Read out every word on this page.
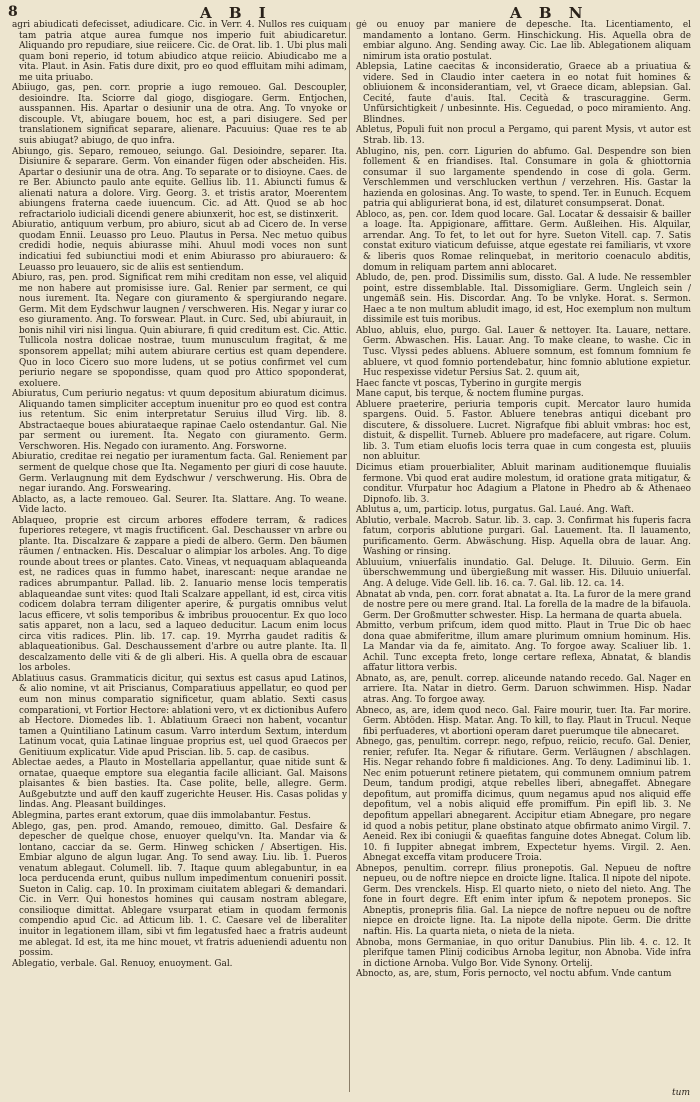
8	A B I	A B N

agri abiudicati defecisset, adiudicare. Cic. in Verr. 4. Nullos res cuiquam tam patria atque aurea fumque nos imperio fuit abiudicaretur. Aliquando pro repudiare, siue reiicere. Cic. de Orat. lib. 1. Ubi plus mali quam boni reperio, id totum abiudico atque reiicio. Abiudicabo me a vita. Plaut. in Asin. Fatis dure dixit, pro eo quod effluitam mihi adimam, me uita priuabo.

Abiiugo, gas, pen. corr. proprie a iugo remoueo. Gal. Descoupler, desioindre. Ita. Sciorre dal giogo, disgiogare. Germ. Entjochen, ausspannen. His. Apartar o desiunir una de otra. Ang. To vnyoke or discouple. Vt, abiugare bouem, hoc est, a pari disiugere. Sed per translationem significat separare, alienare. Pacuuius: Quae res te ab suis abiugat? abiugo, de quo infra.

Abiungo, gis. Separo, remoueo, seiungo. Gal. Desioindre, separer. Ita. Disiunire & separare. Germ. Von einander fügen oder abscheiden. His. Apartar o desiunir una de otra. Ang. To separate or to disioyne. Caes. de re Ber. Abiuncto paulo ante equite. Gellius lib. 11. Abiuncti fumus & alienati natura a dolore. Virg. Georg. 3. et tristis arator, Moerentem abiungens fraterna caede iuuencum. Cic. ad Att. Quod se ab hoc refractariolo iudiciali dicendi genere abiunxerit, hoc est, se distinxerit.

Abiuratio, antiquum verbum, pro abiuro, sicut ab ad Cicero de. In verse quodam Ennii. Leuasso pro Leuo. Plautus in Persa. Nec metuo quibus credidi hodie, nequis abiurasse mihi. Ahuul modi voces non sunt indicatiui fed subiunctiui modi et enim Abiurasso pro abiurauero: & Leuasso pro leuauero, sic de aliis est sentiendum.

Abiuro, ras, pen. prod. Significat rem mihi creditam non esse, vel aliquid me non habere aut promisisse iure. Gal. Renier par serment, ce qui nous iurement. Ita. Negare con giuramento & spergiurando negare. Germ. Mit dem Eydschwur laugnen / verschweren. His. Negar y iurar co eso giuramento. Ang. To forswear. Plaut. in Curc. Sed, ubi abiurauit, in bonis nihil viri nisi lingua. Quin abiurare, fi quid creditum est. Cic. Attic. Tullicola nostra dolicae nostrae, tuum munusculum fragitat, & me sponsorem appellat; mihi autem abiurare certius est quam dependere. Quo in loco Cicero suo more ludens, ut se potius confirmet vel cum periurio negare se spopondisse, quam quod pro Attico spoponderat, exoluere.

Abiuratus, Cum periurio negatus: vt quum depositum abiuratum dicimus. Aliquando tamen simpliciter acceptum inuenitur pro eo quod est contra ius retentum. Sic enim interpretatur Seruius illud Virg. lib. 8. Abstractaeque boues abiurataeque rapinae Caelo ostendantur. Gal. Nie par serment ou iurement. Ita. Negato con giuramento. Germ. Verschworen. His. Negado con iuramento. Ang. Forsworne.

Abiuratio, creditae rei negatio per iuramentum facta. Gal. Reniement par serment de quelque chose que Ita. Negamento per giuri di cose hauute. Germ. Verlaugnung mit dem Eydschwur / verschwerung. His. Obra de negar iurando. Ang. Forswearing.

Ablacto, as, a lacte remoueo. Gal. Seurer. Ita. Slattare. Ang. To weane. Vide lacto.

Ablaqueo, proprie est circum arbores effodere terram, & radices fuperiores retegere, vt magis fructificent. Gal. Deschausser vn arbre ou plante. Ita. Discalzare & zappare a piedi de albero. Germ. Den bäumen räumen / entnacken. His. Descaluar o alimpiar los arboles. Ang. To dige rounde about trees or plantes. Cato. Vineas, vt nequaquam ablaqueanda est, ne radices quas in fummo habet, inarescant: neque arandae ne radices abrumpantur. Pallad. lib. 2. Ianuario mense locis temperatis ablaqueandae sunt vites: quod Itali Scalzare appellant, id est, circa vitis codicem dolabra terram diligenter aperire, & purgatis omnibus velut lacus efficere, vt solis temporibus & imbribus prouocentur. Ex quo loco satis apparet, non a lacu, sed a laqueo deducitur. Lacum enim locus circa vitis radices. Plin. lib. 17. cap. 19. Myrrha gaudet raditis & ablaqueationibus. Gal. Deschaussement d'arbre ou autre plante. Ita. Il descalzamento delle viti & de gli alberi. His. A quella obra de escauar los arboles.

Ablatiuus casus. Grammaticis dicitur, qui sextus est casus apud Latinos, & alio nomine, vt ait Priscianus, Comparatiuus appellatur, eo quod per eum non minus comparatio significetur, quam ablatio. Sexti casus comparationi, vt Fortior Hectore: ablationi vero, vt ex dictionibus Aufero ab Hectore. Diomedes lib. 1. Ablatiuum Graeci non habent, vocantur tamen a Quintiliano Latinum casum. Varro interdum Sextum, interdum Latinum vocat, quia Latinae linguae proprius est, uel quod Graecos per Genitiuum explicatur. Vide apud Priscian. lib. 5. cap. de casibus.

Ablectae aedes, a Plauto in Mostellaria appellantur, quae nitide sunt & ornatae, quaeque emptore sua elegantia facile alliciant. Gal. Maisons plaisantes & bien basties. Ita. Case polite, belle, allegre. Germ. Außgebutzte und auff den kauff zugerichte Heuser. His. Casas polidas y lindas. Ang. Pleasant buildinges.

Ablegmina, partes erant extorum, quae diis immolabantur. Festus.

Ablego, gas, pen. prod. Amando, remoueo, dimitto. Gal. Desfaire & depescher de quelque chose, enuoyer quelqu'vn. Ita. Mandar via & lontano, cacciar da se. Germ. Hinweg schicken / Absertigen. His. Embiar alguno de algun lugar. Ang. To send away. Liu. lib. 1. Pueros venatum ablegaut. Columell. lib. 7. Itaque quum ablegabuntur, in ea loca perducenda erunt, quibus nullum impedimentum conueniri possit. Sueton in Calig. cap. 10. In proximam ciuitatem ablegari & demandari. Cic. in Verr. Qui honestos homines qui causam nostram ablegare, consilioque dimittat. Ablegare vsurparat etiam in quodam fermonis compendio apud Cic. ad Atticum lib. 1. C. Caesare vel de liberaliter inuitor in legationem illam, sibi vt fim legatusfed haec a fratris audeunt me ablegat. Id est, ita me hinc mouet, vt fratris adueniendi aduentu non possim.

Ablegatio, verbale. Gal. Renuoy, enuoyment. Gal.

gé ou enuoy par maniere de depesche. Ita. Licentiamento, el mandamento a lontano. Germ. Hinschickung. His. Aquella obra de embiar alguno. Ang. Sending away. Cic. Lae lib. Ablegationem aliquam nimirum ista oratio postulat.

Ablepsia, Latine caecitas & inconsideratio, Graece ab a priuatiua & videre. Sed in Claudio inter caetera in eo notat fuit homines & obliuionem & inconsiderantiam, vel, vt Graece dicam, ablepsian. Gal. Cecité, faute d'auis. Ital. Cecità & trascuraggine. Germ. Unfürsichtigkeit / unbesinnte. His. Ceguedad, o poco miramiento. Ang. Blindnes.

Abletus, Populi fuit non procul a Pergamo, qui parent Mysis, vt autor est Strab. lib. 13.

Ablugino, nis, pen. corr. Ligurien do abfumo. Gal. Despendre son bien follement & en friandises. Ital. Consumare in gola & ghiottornia consumar il suo largamente spendendo in cose di gola. Germ. Verschlemmen und verschlucken verthun / verzehren. His. Gastar la hazienda en golosinas. Ang. To waste, to spend. Ter. in Eunuch. Ecquem patria qui abligurierat bona, id est, dilaturet consumpserat. Donat.

Abloco, as, pen. cor. Idem quod locare. Gal. Locatar & dessaisir & bailler a loage. Ita. Appigionare, affittare. Germ. Außleihen. His. Alquilar, arrendar. Ang. To fet, to let out for hyre. Sueton Vitell. cap. 7. Satis constat exituro viaticum defuisse, atque egestate rei familiaris, vt vxore & liberis quos Romae relinquebat, in meritorio coenaculo abditis, domum in reliquam partem anni ablocaret.

Abludo, de, pen. prod. Dissimilis sum, dissto. Gal. A lude. Ne ressembler point, estre dissemblable. Ital. Dissomigliare. Germ. Ungleich sein / ungemäß sein. His. Discordar. Ang. To be vnlyke. Horat. s. Sermon. Haec a te non multum abludit imago, id est, Hoc exemplum non multum dissimile est tuis moribus.

Abluo, abluis, eluo, purgo. Gal. Lauer & nettoyer. Ita. Lauare, nettare. Germ. Abwaschen. His. Lauar. Ang. To make cleane, to washe. Cic in Tusc. Vlyssi pedes abluens. Abluere somnum, est fomnum fomnium fe abluere, vt quod fomnio portendebatur, hinc fomnio ablutione expietur. Huc respexisse videtur Persius Sat. 2. quum ait,

Haec fancte vt poscas, Tyberino in gurgite mergis

Mane caput, bis terque, & noctem flumine purgas.

Abluere praeterire, periuria temporis cupit. Mercator lauro humida spargens. Ouid. 5. Fastor. Abluere tenebras antiqui dicebant pro discutere, & dissoluere. Lucret. Nigrafque fibi abluit vmbras: hoc est, distuit, & dispellit. Turneb. Abluere pro madefacere, aut rigare. Colum. lib. 3. Tum etiam eluofis locis terra quae in cum congesta est, pluuiis non abluitur.

Dicimus etiam prouerbialiter, Abluit marinam auditionemque fluuialis fermone. Vbi quod erat audire molestum, id oratione grata mitigatur, & conditur. Vfurpatur hoc Adagium a Platone in Phedro ab & Athenaeo Dipnofo. lib. 3.

Ablutus a, um, particip. lotus, purgatus. Gal. Laué. Ang. Waft.

Ablutio, verbale. Macrob. Satur. lib. 3. cap. 3. Confirmat his fuperis facra fatum, corporis ablutione purgari. Gal. Lauement. Ita. Il lauamento, purificamento. Germ. Abwäschung. Hisp. Aquella obra de lauar. Ang. Washing or rinsing.

Abluuium, vniuerfalis inundatio. Gal. Deluge. It. Diluuio. Germ. Ein überschwemmung und übergießung mit wasser. His. Diluuio uniuerfal. Ang. A deluge. Vide Gell. lib. 16. ca. 7. Gal. lib. 12. ca. 14.

Abnatat ab vnda, pen. corr. forat abnatat a. Ita. La furor de la mere grand de nostre pere ou mere grand. Ital. La forella de la madre de la bifauola. Germ. Der Großmutter schwester. Hisp. La hermana de quarta abuela.

Abmitto, verbum prifcum, idem quod mitto. Plaut in True Dic ob haec dona quae abmiferitme, illum amare plurimum omnium hominum. His. La Mandar via da fe, aimitato. Ang. To forgoe away. Scaliuer lib. 1. Achil. Tunc excepta freto, longe certare reflexa, Abnatat, & blandis affatur littora verbis.

Abnato, as, are, penult. correp. aliceunde natando recedo. Gal. Nager en arriere. Ita. Natar in dietro. Germ. Daruon schwimmen. Hisp. Nadar atras. Ang. To forgoe away.

Abneco, as, are, idem quod neco. Gal. Faire mourir, tuer. Ita. Far morire. Germ. Abtöden. Hisp. Matar. Ang. To kill, to flay. Plaut in Trucul. Neque fibi perfuaderes, vt abortioni operam daret puerumque tile abnecaret.

Abnego, gas, penultim. correpr. nego, refpuo, reiicio, recufo. Gal. Denier, renier, refufer. Ita. Negar & rifiutare. Germ. Verläugnen / abschlagen. His. Negar rehando fobre fi maldiciones. Ang. To deny. Ladiminui lib. 1. Nec enim potuerunt retinere pietatem, qui communem omnium patrem Deum, tandum prodigi, atque rebelles liberi, abnegaffet. Abnegare depofitum, aut promiffa dicimus, quum negamus apud nos aliquid effe depofitum, vel a nobis aliquid effe promiffum. Pin epifl lib. 3. Ne depofitum appellari abnegarent. Accipitur etiam Abnegare, pro negare id quod a nobis petitur, plane obstinato atque obfirmato animo Virgil. 7. Aeneid. Rex ibi coniugii & quaefitas fanguine dotes Abnegat. Colum lib. 10. fi Iuppiter abnegat imbrem, Expectetur hyems. Virgil. 2. Aen. Abnegat exceffa vitam producere Troia.

Abnepos, penultim. correpr. filius pronepotis. Gal. Nepueu de noftre nepueu, ou de noftre niepce en droicte ligne. Italica. Il nipote del nipote. Germ. Des vrenckels. Hisp. El quarto nieto, o nieto del nieto. Ang. The fone in fourt degre. Eft enim inter ipfum & nepotem pronepos. Sic Abneptis, pronepris filia. Gal. La niepce de noftre nepueu ou de noftre niepce en droicte ligne. Ita. La nipote della nipote. Germ. Die dritte naftin. His. La quarta nieta, o nieta de la nieta.

Abnoba, mons Germaniae, in quo oritur Danubius. Plin lib. 4. c. 12. It plerifque tamen Plinij codicibus Arnoba legitur, non Abnoba. Vide infra in dictione Arnoba. Vulgo Bor. Vide Synony. Ortelij.

Abnocto, as, are, stum, Foris pernocto, vel noctu abfum. Vnde cantum

tum
